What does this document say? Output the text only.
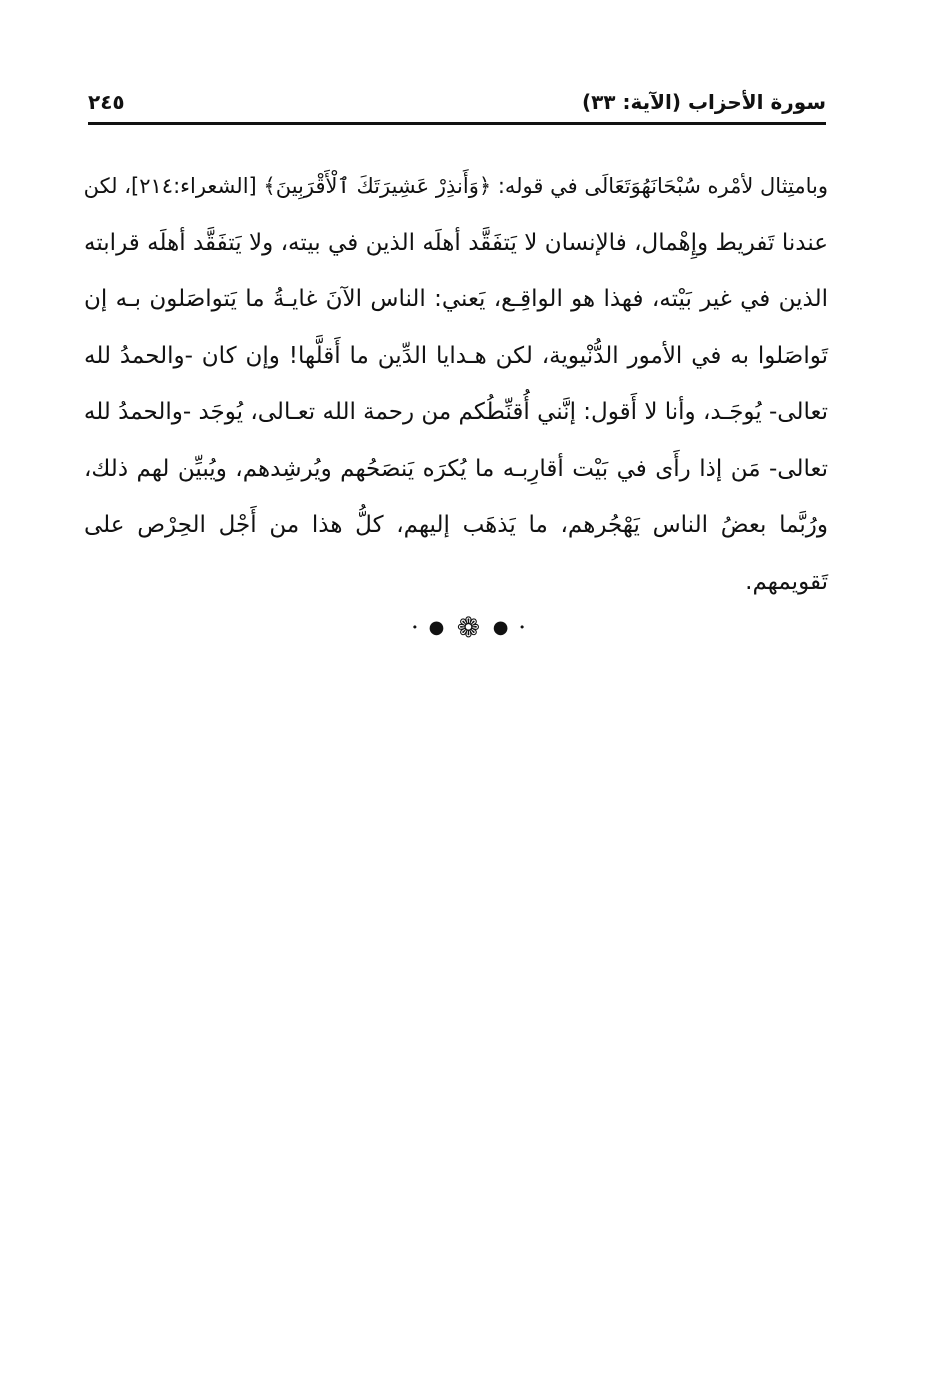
سورة الأحزاب (الآية: ٣٣)
٢٤٥
وبامتِثال لأمْره سُبْحَانَهُوَتَعَالَى في قوله: ﴿وَأَنذِرْ عَشِيرَتَكَ ٱلْأَقْرَبِينَ﴾ [الشعراء:٢١٤]، لكن
عندنا تَفريط وإِهْمال، فالإنسان لا يَتفَقَّد أهلَه الذين في بيته، ولا يَتفَقَّد أهلَه قرابته
الذين في غير بَيْته، فهذا هو الواقِـع، يَعني: الناس الآنَ غايـةُ ما يَتواصَلون بـه إن
تَواصَلوا به في الأمور الدُّنْيوية، لكن هـدايا الدِّين ما أَقلَّها! وإن كان -والحمدُ لله
تعالى- يُوجَـد، وأنا لا أَقول: إنَّني أُقنِّطُكم من رحمة الله تعـالى، يُوجَد -والحمدُ لله
تعالى- مَن إذا رأَى في بَيْت أقارِبـه ما يُكرَه يَنصَحُهم ويُرشِدهم، ويُبيِّن لهم ذلك،
ورُبَّما بعضُ الناس يَهْجُرهم، ما يَذهَب إليهم، كلُّ هذا من أَجْل الحِرْص على
تَقويمهم.
• ● ❁ ● •
